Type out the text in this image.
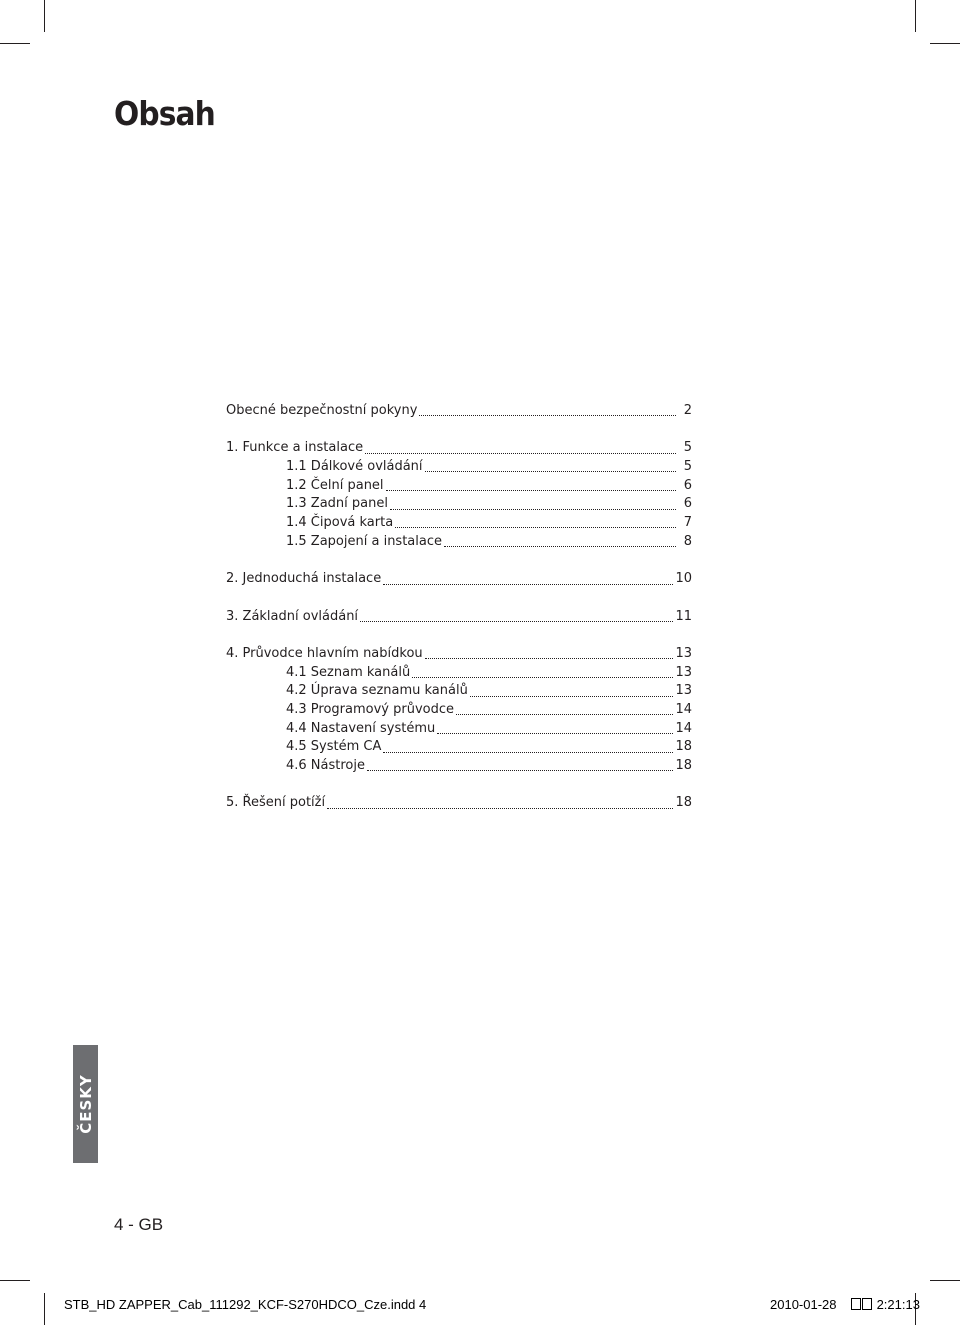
Obsah
Obecné bezpečnostní pokyny	2
1. Funkce a instalace	5
1.1 Dálkové ovládání	5
1.2 Čelní panel	6
1.3 Zadní panel	6
1.4 Čipová karta	7
1.5 Zapojení a instalace	8
2. Jednoduchá instalace	10
3. Základní ovládání	11
4. Průvodce hlavním nabídkou	13
4.1 Seznam kanálů	13
4.2 Úprava seznamu kanálů	13
4.3 Programový průvodce	14
4.4 Nastavení systému	14
4.5 Systém CA	18
4.6 Nástroje	18
5. Řešení potíží	18
ČESKY
4 - GB
STB_HD ZAPPER_Cab_111292_KCF-S270HDCO_Cze.indd 4	2010-01-28	2:21:13
